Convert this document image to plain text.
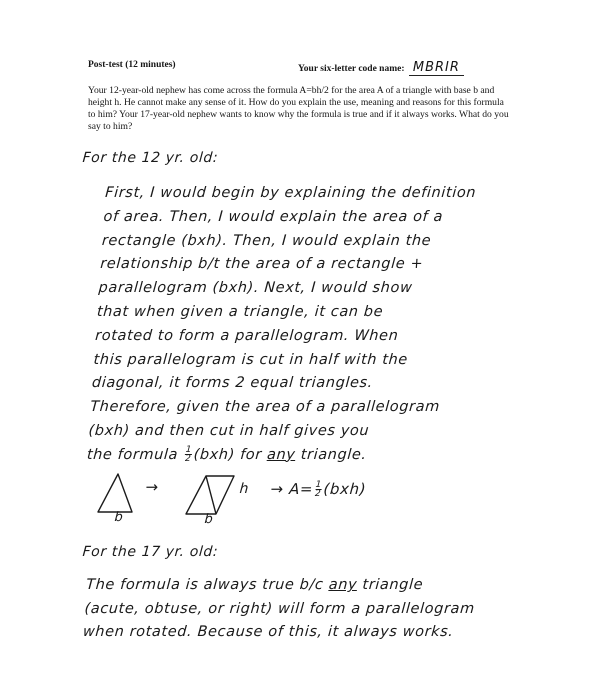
Post-test (12 minutes)	Your six-letter code name: MBRIR
Your 12-year-old nephew has come across the formula A=bh/2 for the area A of a triangle with base b and height h. He cannot make any sense of it. How do you explain the use, meaning and reasons for this formula to him? Your 17-year-old nephew wants to know why the formula is true and if it always works. What do you say to him?
For the 12 yr. old:
First, I would begin by explaining the definition
of area. Then, I would explain the area of a
rectangle (bxh). Then, I would explain the
relationship b/t the area of a rectangle +
parallelogram (bxh). Next, I would show
that when given a triangle, it can be
rotated to form a parallelogram. When
this parallelogram is cut in half with the
diagonal, it forms 2 equal triangles.
Therefore, given the area of a parallelogram
(bxh) and then cut in half gives you
the formula $\frac{1}{2} (bxh)$ for any triangle.
→	$h \to A= \frac{1}{2} (bxh)$
b	b
For the 17 yr. old:
The formula is always true b/c any triangle
(acute, obtuse, or right) will form a parallelogram
when rotated. Because of this, it always works.
